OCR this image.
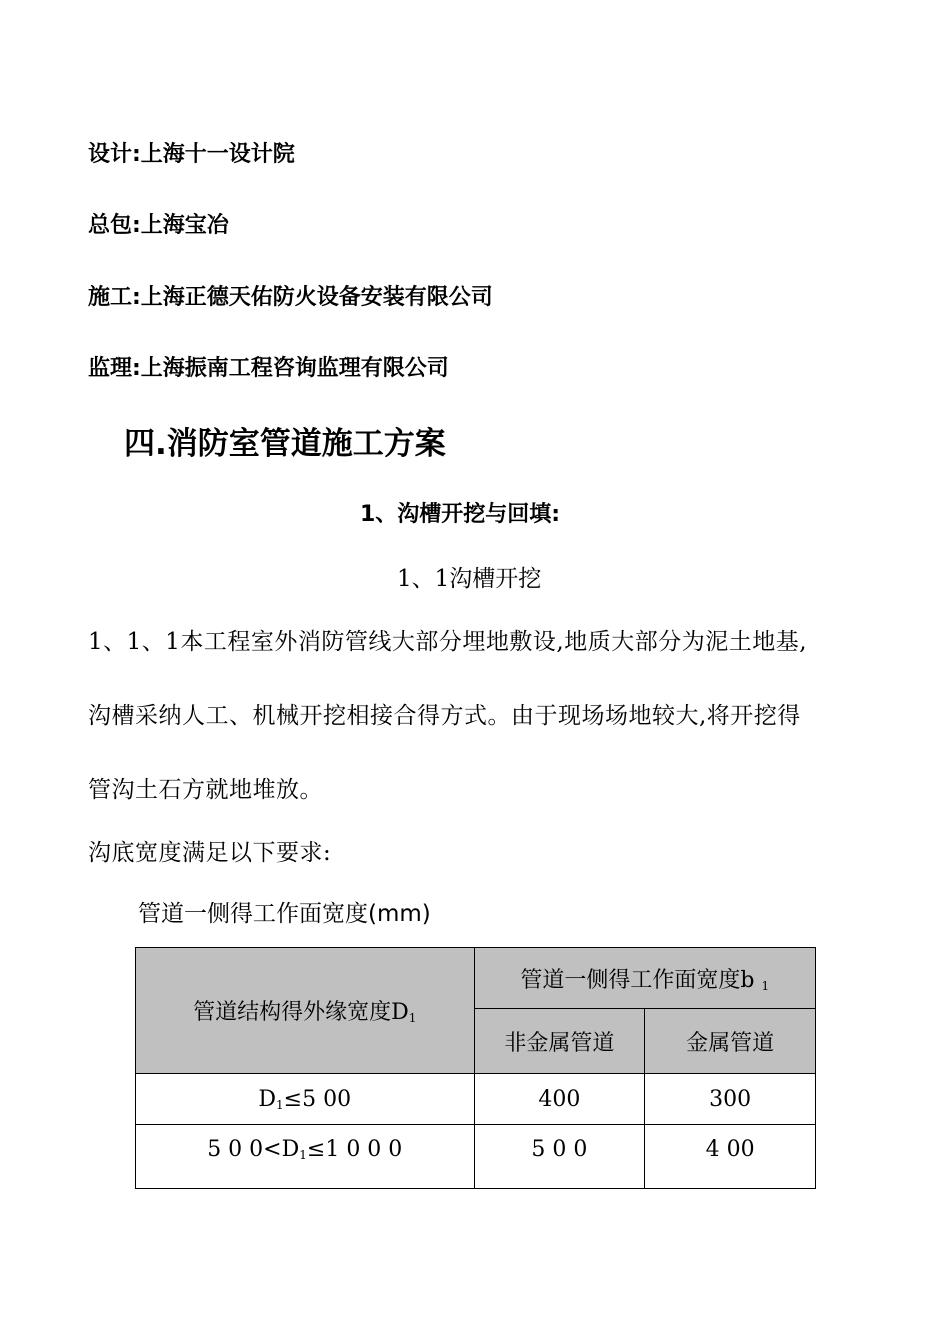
设计:上海十一设计院
总包:上海宝冶
施工:上海正德天佑防火设备安装有限公司
监理:上海振南工程咨询监理有限公司
四.消防室管道施工方案
1、沟槽开挖与回填:
1、1沟槽开挖
1、1、1本工程室外消防管线大部分埋地敷设,地质大部分为泥土地基,
沟槽采纳人工、机械开挖相接合得方式。由于现场场地较大,将开挖得
管沟土石方就地堆放。
沟底宽度满足以下要求:
管道一侧得工作面宽度(mm)
管道结构得外缘宽度$D_1$	管道一侧得工作面宽度b $_1$
	非金属管道	金属管道
$D_1\le 5$ 00	400	300
5 0 $0<D_1\le 1$ 0 0 0	5 0 0	4 00
